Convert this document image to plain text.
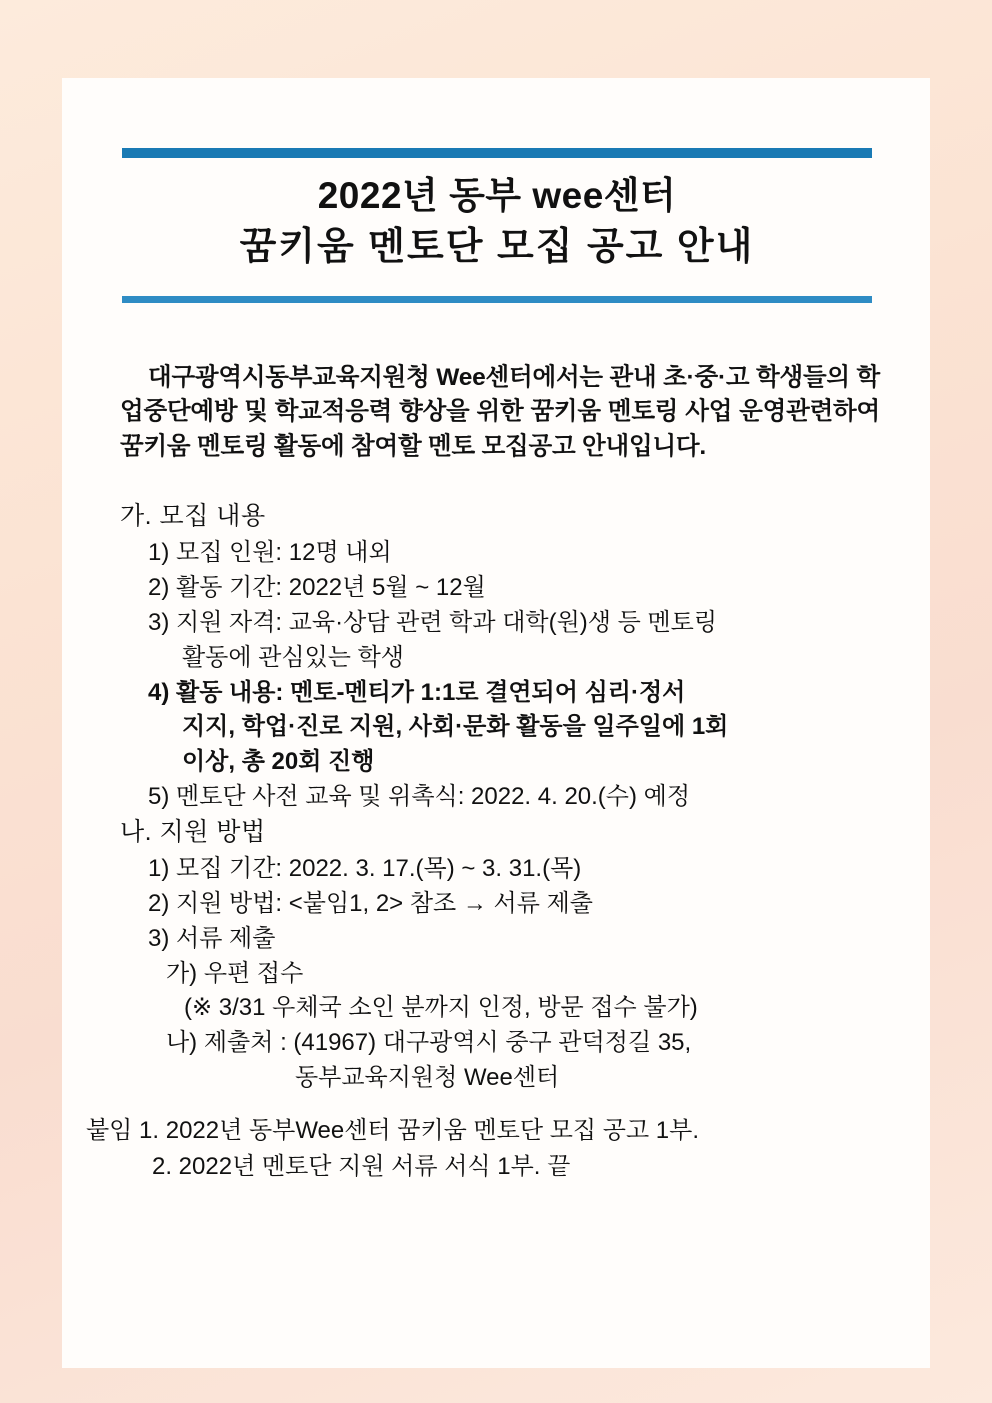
2022년 동부 wee센터
꿈키움 멘토단 모집 공고 안내

대구광역시동부교육지원청 Wee센터에서는 관내 초·중·고 학생들의 학업중단예방 및 학교적응력 향상을 위한 꿈키움 멘토링 사업 운영관련하여 꿈키움 멘토링 활동에 참여할 멘토 모집공고 안내입니다.

가. 모집 내용
1) 모집 인원: 12명 내외
2) 활동 기간: 2022년 5월 ~ 12월
3) 지원 자격: 교육·상담 관련 학과 대학(원)생 등 멘토링
활동에 관심있는 학생
4) 활동 내용: 멘토-멘티가 1:1로 결연되어 심리·정서
지지, 학업·진로 지원, 사회·문화 활동을 일주일에 1회
이상, 총 20회 진행
5) 멘토단 사전 교육 및 위촉식: 2022. 4. 20.(수) 예정
나. 지원 방법
1) 모집 기간: 2022. 3. 17.(목) ~ 3. 31.(목)
2) 지원 방법: <붙임1, 2> 참조 → 서류 제출
3) 서류 제출
가) 우편 접수
(※ 3/31 우체국 소인 분까지 인정, 방문 접수 불가)
나) 제출처 : (41967) 대구광역시 중구 관덕정길 35,
동부교육지원청 Wee센터
붙임 1. 2022년 동부Wee센터 꿈키움 멘토단 모집 공고 1부.
2. 2022년 멘토단 지원 서류 서식 1부. 끝
